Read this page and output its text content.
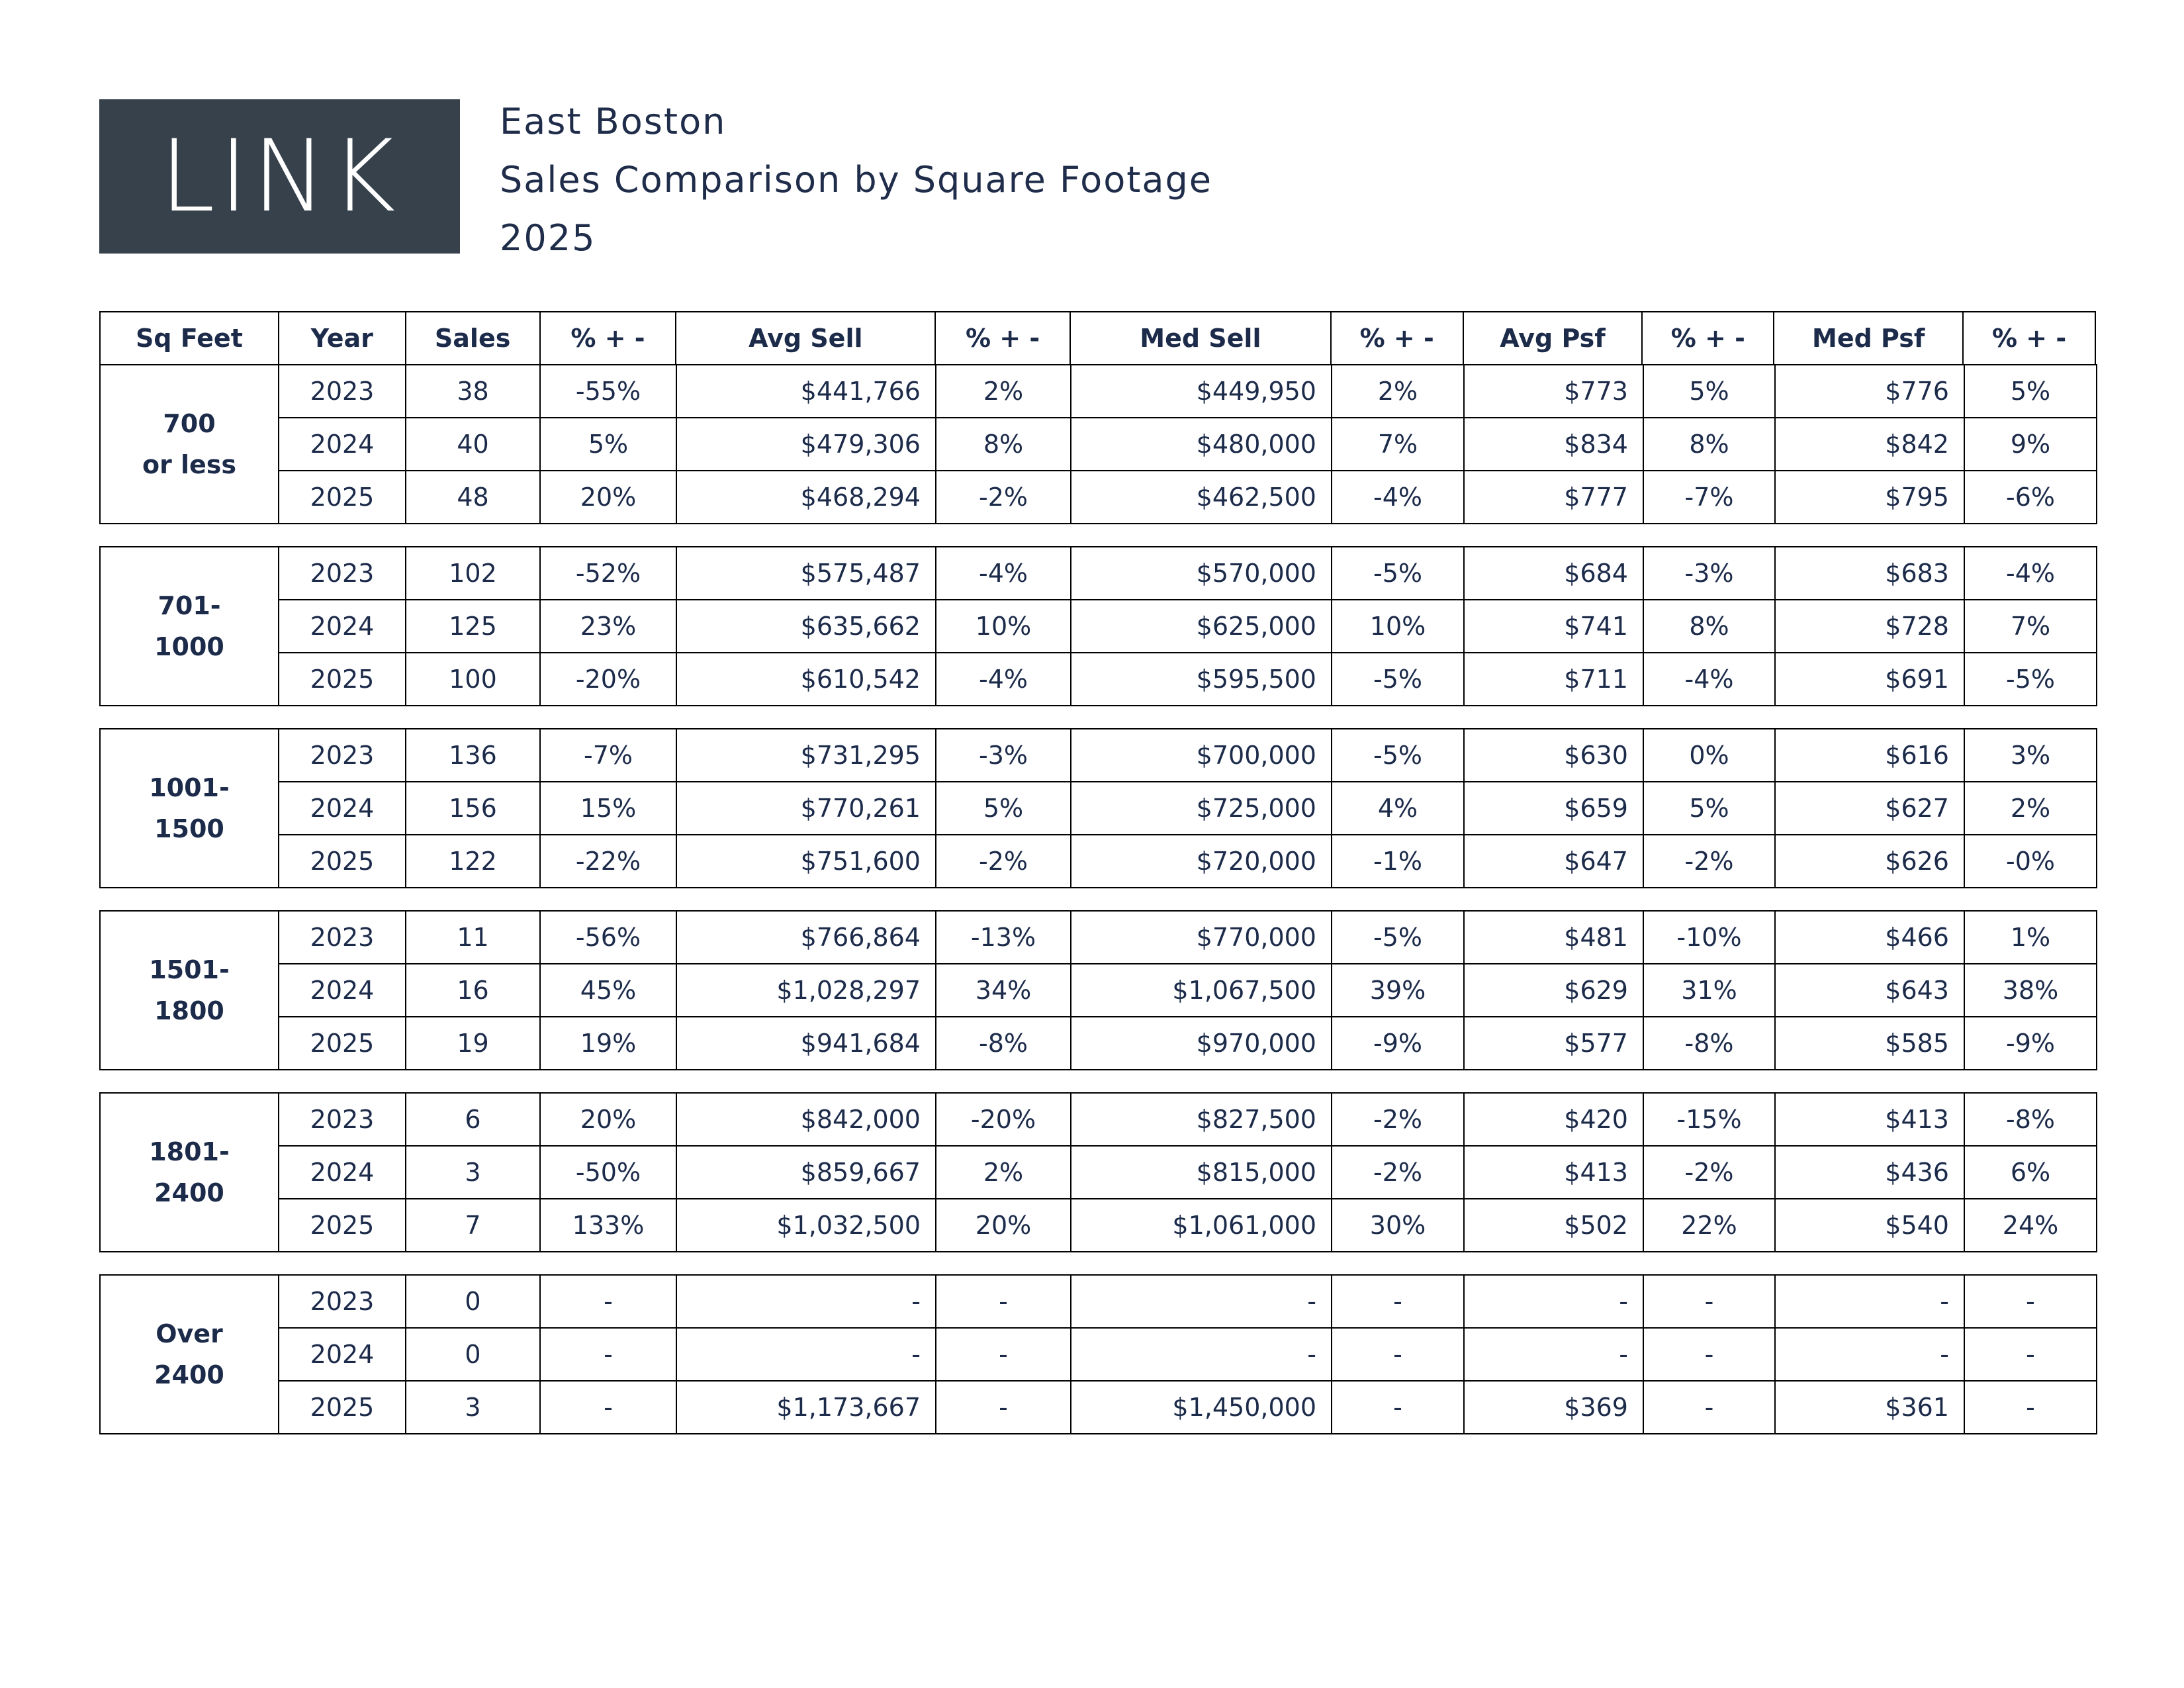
LINK	East Boston
Sales Comparison by Square Footage
2025
Sq Feet	Year	Sales	% + -	Avg Sell	% + -	Med Sell	% + -	Avg Psf	% + -	Med Psf	% + -
700
or less
2023	38	-55%	$441,766	2%	$449,950	2%	$773	5%	$776	5%
2024	40	5%	$479,306	8%	$480,000	7%	$834	8%	$842	9%
2025	48	20%	$468,294	-2%	$462,500	-4%	$777	-7%	$795	-6%
701-
1000
2023	102	-52%	$575,487	-4%	$570,000	-5%	$684	-3%	$683	-4%
2024	125	23%	$635,662	10%	$625,000	10%	$741	8%	$728	7%
2025	100	-20%	$610,542	-4%	$595,500	-5%	$711	-4%	$691	-5%
1001-
1500
2023	136	-7%	$731,295	-3%	$700,000	-5%	$630	0%	$616	3%
2024	156	15%	$770,261	5%	$725,000	4%	$659	5%	$627	2%
2025	122	-22%	$751,600	-2%	$720,000	-1%	$647	-2%	$626	-0%
1501-
1800
2023	11	-56%	$766,864	-13%	$770,000	-5%	$481	-10%	$466	1%
2024	16	45%	$1,028,297	34%	$1,067,500	39%	$629	31%	$643	38%
2025	19	19%	$941,684	-8%	$970,000	-9%	$577	-8%	$585	-9%
1801-
2400
2023	6	20%	$842,000	-20%	$827,500	-2%	$420	-15%	$413	-8%
2024	3	-50%	$859,667	2%	$815,000	-2%	$413	-2%	$436	6%
2025	7	133%	$1,032,500	20%	$1,061,000	30%	$502	22%	$540	24%
Over
2400
2023	0	-	-	-	-	-	-	-	-	-
2024	0	-	-	-	-	-	-	-	-	-
2025	3	-	$1,173,667	-	$1,450,000	-	$369	-	$361	-
